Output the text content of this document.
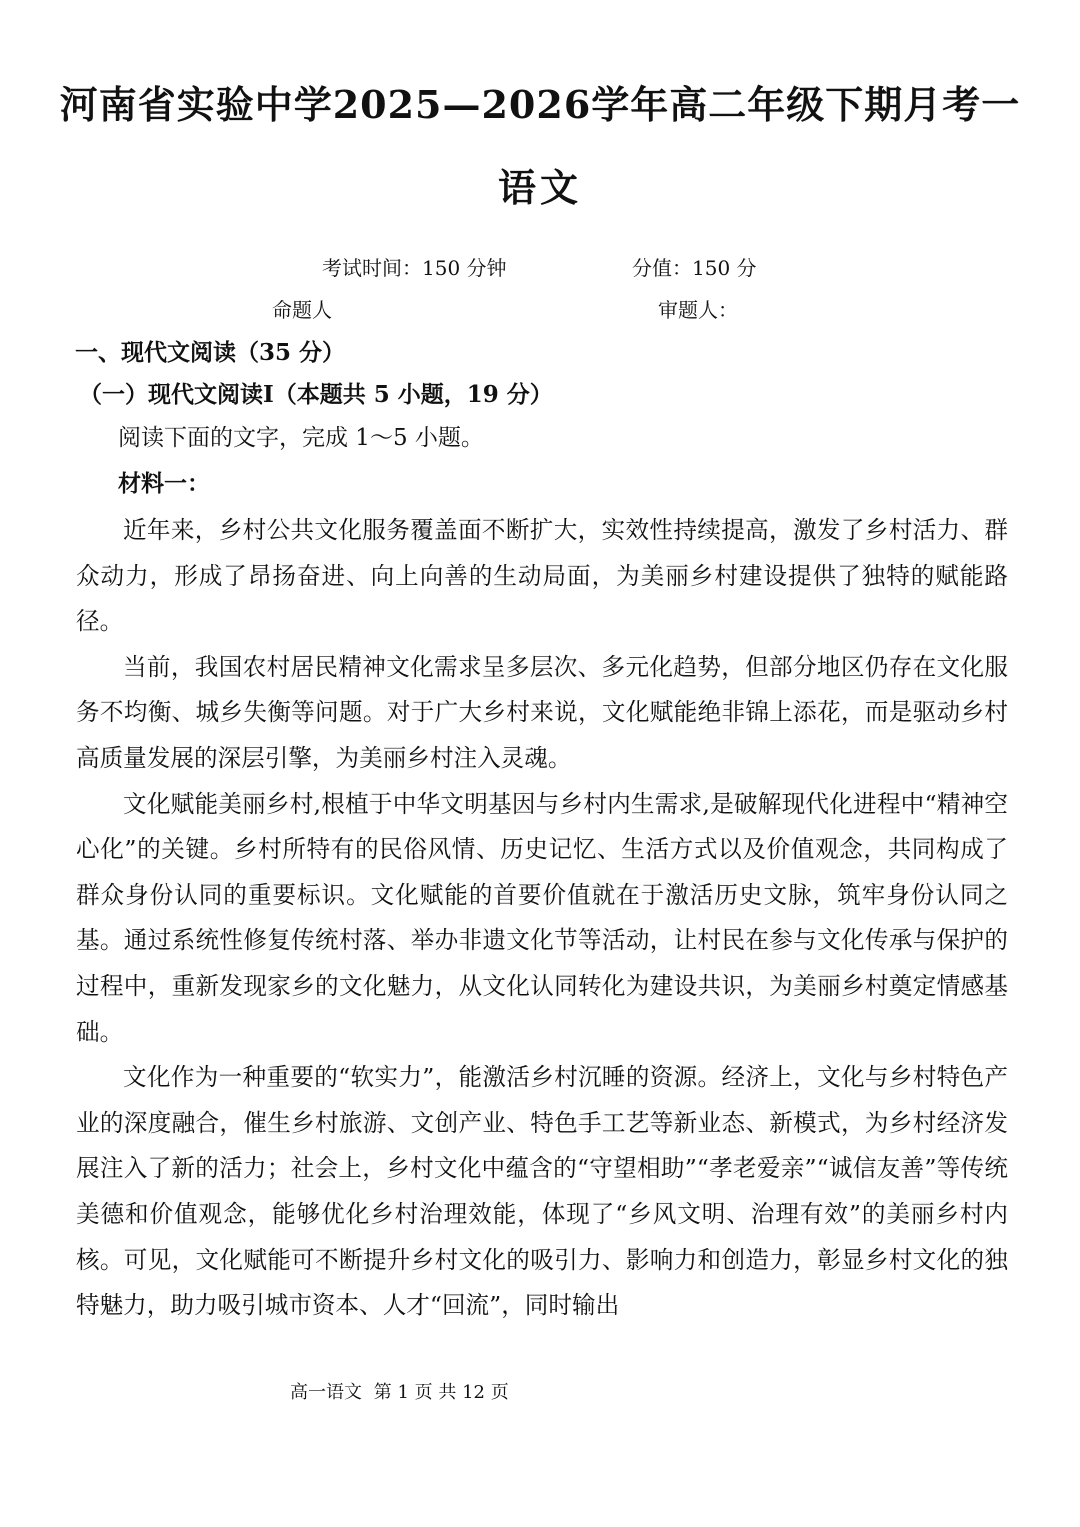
河南省实验中学2025—2026学年高二年级下期月考一
语文
考试时间：150 分钟	分值：150 分
命题人	审题人：
一、现代文阅读（35 分）
（一）现代文阅读Ⅰ（本题共 5 小题，19 分）
阅读下面的文字，完成 1～5 小题。
材料一：

近年来，乡村公共文化服务覆盖面不断扩大，实效性持续提高，激发了乡村活力、群众动力，形成了昂扬奋进、向上向善的生动局面，为美丽乡村建设提供了独特的赋能路径。

当前，我国农村居民精神文化需求呈多层次、多元化趋势，但部分地区仍存在文化服务不均衡、城乡失衡等问题。对于广大乡村来说，文化赋能绝非锦上添花，而是驱动乡村高质量发展的深层引擎，为美丽乡村注入灵魂。

文化赋能美丽乡村,根植于中华文明基因与乡村内生需求,是破解现代化进程中“精神空心化”的关键。乡村所特有的民俗风情、历史记忆、生活方式以及价值观念，共同构成了群众身份认同的重要标识。文化赋能的首要价值就在于激活历史文脉，筑牢身份认同之基。通过系统性修复传统村落、举办非遗文化节等活动，让村民在参与文化传承与保护的过程中，重新发现家乡的文化魅力，从文化认同转化为建设共识，为美丽乡村奠定情感基础。

文化作为一种重要的“软实力”，能激活乡村沉睡的资源。经济上，文化与乡村特色产业的深度融合，催生乡村旅游、文创产业、特色手工艺等新业态、新模式，为乡村经济发展注入了新的活力；社会上，乡村文化中蕴含的“守望相助”“孝老爱亲”“诚信友善”等传统美德和价值观念，能够优化乡村治理效能，体现了“乡风文明、治理有效”的美丽乡村内核。可见，文化赋能可不断提升乡村文化的吸引力、影响力和创造力，彰显乡村文化的独特魅力，助力吸引城市资本、人才“回流”，同时输出

高一语文 第 1 页 共 12 页
